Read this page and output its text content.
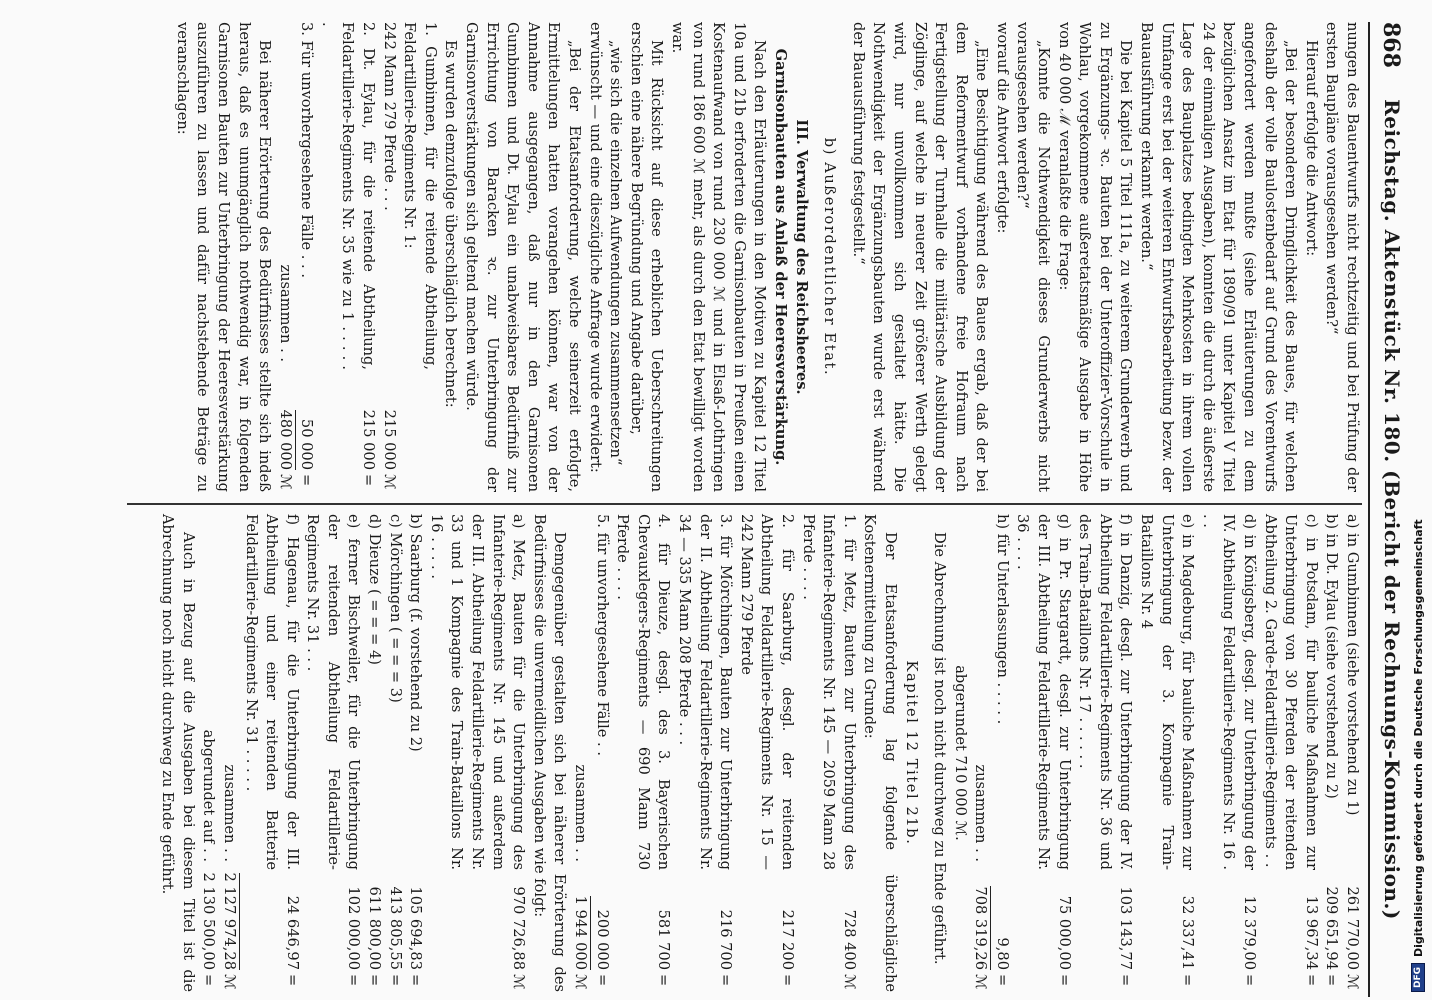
868
Reichstag. Aktenstück Nr. 180. (Bericht der Rechnungs-Kommission.)

nungen des Bauentwurfs nicht rechtzeitig und bei Prüfung der ersten Baupläne vorausgesehen werden?“

Hierauf erfolgte die Antwort:

„Bei der besonderen Dringlichkeit des Baues, für welchen deshalb der volle Baulostenbedarf auf Grund des Vorentwurfs angefordert werden mußte (siehe Erläuterungen zu dem bezüglichen Ansatz im Etat für 1890/91 unter Kapitel V Titel 24 der einmaligen Ausgaben), konnten die durch die äußerste Lage des Bauplatzes bedingten Mehrkosten in ihrem vollen Umfange erst bei der weiteren Entwurfsbearbeitung bezw. der Bauausführung erkannt werden.“

Die bei Kapitel 5 Titel 111a, zu weiterem Grunderwerb und zu Ergänzungs- ꝛc. Bauten bei der Unteroffizier-Vorschule in Wohlau, vorgekommene außeretatsmäßige Ausgabe in Höhe von 40 000 ℳ veranlaßte die Frage:

„Konnte die Nothwendigkeit dieses Grunderwerbs nicht vorausgesehen werden?“

worauf die Antwort erfolgte:

„Eine Besichtigung während des Baues ergab, daß der bei dem Reformentwurf vorhandene freie Hofraum nach Fertigstellung der Turnhalle die militärische Ausbildung der Zöglinge, auf welche in neuerer Zeit größerer Werth gelegt wird, nur unvollkommen sich gestaltet hätte. Die Nothwendigkeit der Ergänzungsbauten wurde erst während der Bauausführung festgestellt.“

b) Außerordentlicher Etat.

III. Verwaltung des Reichsheeres.

Garnisonbauten aus Anlaß der Heeresverstärkung.

Nach den Erläuterungen in den Motiven zu Kapitel 12 Titel 10a und 21b erforderten die Garnisonbauten in Preußen einen Kostenaufwand von rund 230 000 ℳ und in Elsaß-Lothringen von rund 186 600 ℳ mehr, als durch den Etat bewilligt worden war.

Mit Rücksicht auf diese erheblichen Ueberschreitungen erschien eine nähere Begründung und Angabe darüber,

„wie sich die einzelnen Aufwendungen zusammensetzen“

erwünscht — und eine dieszügliche Anfrage wurde erwidert:

„Bei der Etatsanforderung, welche seinerzeit erfolgte, Ermittelungen hatten vorangehen können, war von der Annahme ausgegangen, daß nur in den Garnisonen Gumbinnen und Dt. Eylau ein unabweisbares Bedürfniß zur Errichtung von Baracken ꝛc. zur Unterbringung der Garnisonverstärkungen sich geltend machen würde.

Es wurden demzufolge überschläglich berechnet:

1. Gumbinnen, für die reitende Abtheilung, Feldartillerie-Regiments Nr. 1:
242 Mann 279 Pferde . . .
215 000
ℳ
2. Dt. Eylau, für die reitende Abtheilung, Feldartillerie-Regiments Nr. 35 wie zu 1 . . . . . .
215 000
=
3. Für unvorhergesehene Fälle . . .
50 000
=
zusammen . .
480 000
ℳ

Bei näherer Erörterung des Bedürfnisses stellte sich indeß heraus, daß es unumgänglich nothwendig war, in folgenden Garnisonen Bauten zur Unterbringung der Heeresverstärkung auszuführen zu lassen und dafür nachstehende Beträge zu veranschlagen:

a) in Gumbinnen (siehe vorstehend zu 1)
261 770,00
ℳ
b) in Dt. Eylau (siehe vorstehend zu 2)
209 651,94
=
c) in Potsdam, für bauliche Maßnahmen zur Unterbringung von 30 Pferden der reitenden Abtheilung 2. Garde-Feldartillerie-Regiments . .
13 967,34
=
d) in Königsberg, desgl. zur Unterbringung der IV. Abtheilung Feldartillerie-Regiments Nr. 16 . . .
12 379,00
=
e) in Magdeburg, für bauliche Maßnahmen zur Unterbringung der 3. Kompagnie Train-Bataillons Nr. 4
32 337,41
=
f) in Danzig, desgl. zur Unterbringung der IV. Abtheilung Feldartillerie-Regiments Nr. 36 und des Train-Bataillons Nr. 17 . . . . . .
103 143,77
=
g) in Pr. Stargardt, desgl. zur Unterbringung der III. Abtheilung Feldartillerie-Regiments Nr. 36 . . . .
75 000,00
=
h) für Unterlassungen . . . . .
9,80
=
zusammen . .
708 319,26
ℳ

abgerundet 710 000 ℳ.

Die Abrechnung ist noch nicht durchweg zu Ende geführt.

Kapitel 12 Titel 21b.

Der Etatsanforderung lag folgende überschlägliche Kostenermittelung zu Grunde:

1. für Metz, Bauten zur Unterbringung des Infanterie-Regiments Nr. 145 — 2059 Mann 28 Pferde . . . .
728 400
ℳ
2. für Saarburg, desgl. der reitenden Abtheilung Feldartillerie-Regiments Nr. 15 — 242 Mann 279 Pferde
217 200
=
3. für Mörchingen, Bauten zur Unterbringung der II. Abtheilung Feldartillerie-Regiments Nr. 34 — 335 Mann 208 Pferde . . .
216 700
=
4. für Dieuze, desgl. des 3. Bayerischen Chevauxlegers-Regiments — 690 Mann 730 Pferde . . . .
581 700
=
5. für unvorhergesehene Fälle . .
200 000
=
zusammen . .
1 944 000
ℳ

Demgegenüber gestalten sich bei näherer Erörterung des Bedürfnisses die unvermeidlichen Ausgaben wie folgt:

a) Metz, Bauten für die Unterbringung des Infanterie-Regiments Nr. 145 und außerdem der III. Abtheilung Feldartillerie-Regiments Nr. 33 und 1 Kompagnie des Train-Bataillons Nr. 16 . . . . .
970 726,88
ℳ
b) Saarburg (f. vorstehend zu 2)
105 694,83
=
c) Mörchingen ( = = = 3)
413 805,55
=
d) Dieuze ( = = = 4)
611 800,00
=
e) ferner Bischweiler, für die Unterbringung der reitenden Abtheilung Feldartillerie-Regiments Nr. 31 . . .
102 000,00
=
f) Hagenau, für die Unterbringung der III. Abtheilung und einer reitenden Batterie Feldartillerie-Regiments Nr. 31 . . . . .
24 646,97
=
zusammen . .
2 127 974,28
ℳ
abgerundet auf . .
2 130 500,00
=

Auch in Bezug auf die Ausgaben bei diesem Titel ist die Abrechnung noch nicht durchweg zu Ende geführt.

DFG
Digitalisierung gefördert durch die Deutsche Forschungsgemeinschaft
